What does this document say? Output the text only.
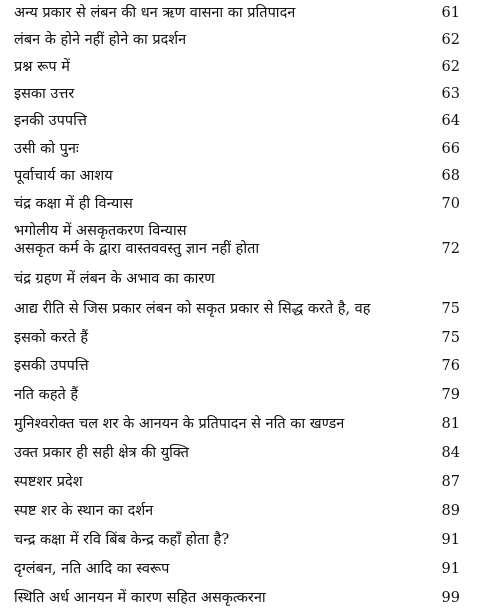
अन्य प्रकार से लंबन की धन ऋण वासना का प्रतिपादन	61
लंबन के होने नहीं होने का प्रदर्शन	62
प्रश्न रूप में	62
इसका उत्तर	63
इनकी उपपत्ति	64
उसी को पुनः	66
पूर्वाचार्य का आशय	68
चंद्र कक्षा में ही विन्यास	70
भगोलीय में असकृतकरण विन्यास
असकृत कर्म के द्वारा वास्तववस्तु ज्ञान नहीं होता	72
चंद्र ग्रहण में लंबन के अभाव का कारण
आद्य रीति से जिस प्रकार लंबन को सकृत प्रकार से सिद्ध करते है, वह	75
इसको करते हैं	75
इसकी उपपत्ति	76
नति कहते हैं	79
मुनिश्वरोक्त चल शर के आनयन के प्रतिपादन से नति का खण्डन	81
उक्त प्रकार ही सही क्षेत्र की युक्ति	84
स्पष्टशर प्रदेश	87
स्पष्ट शर के स्थान का दर्शन	89
चन्द्र कक्षा में रवि बिंब केन्द्र कहाँ होता है?	91
दृग्लंबन, नति आदि का स्वरूप	91
स्थिति अर्ध आनयन में कारण सहित असकृत्करना	99
